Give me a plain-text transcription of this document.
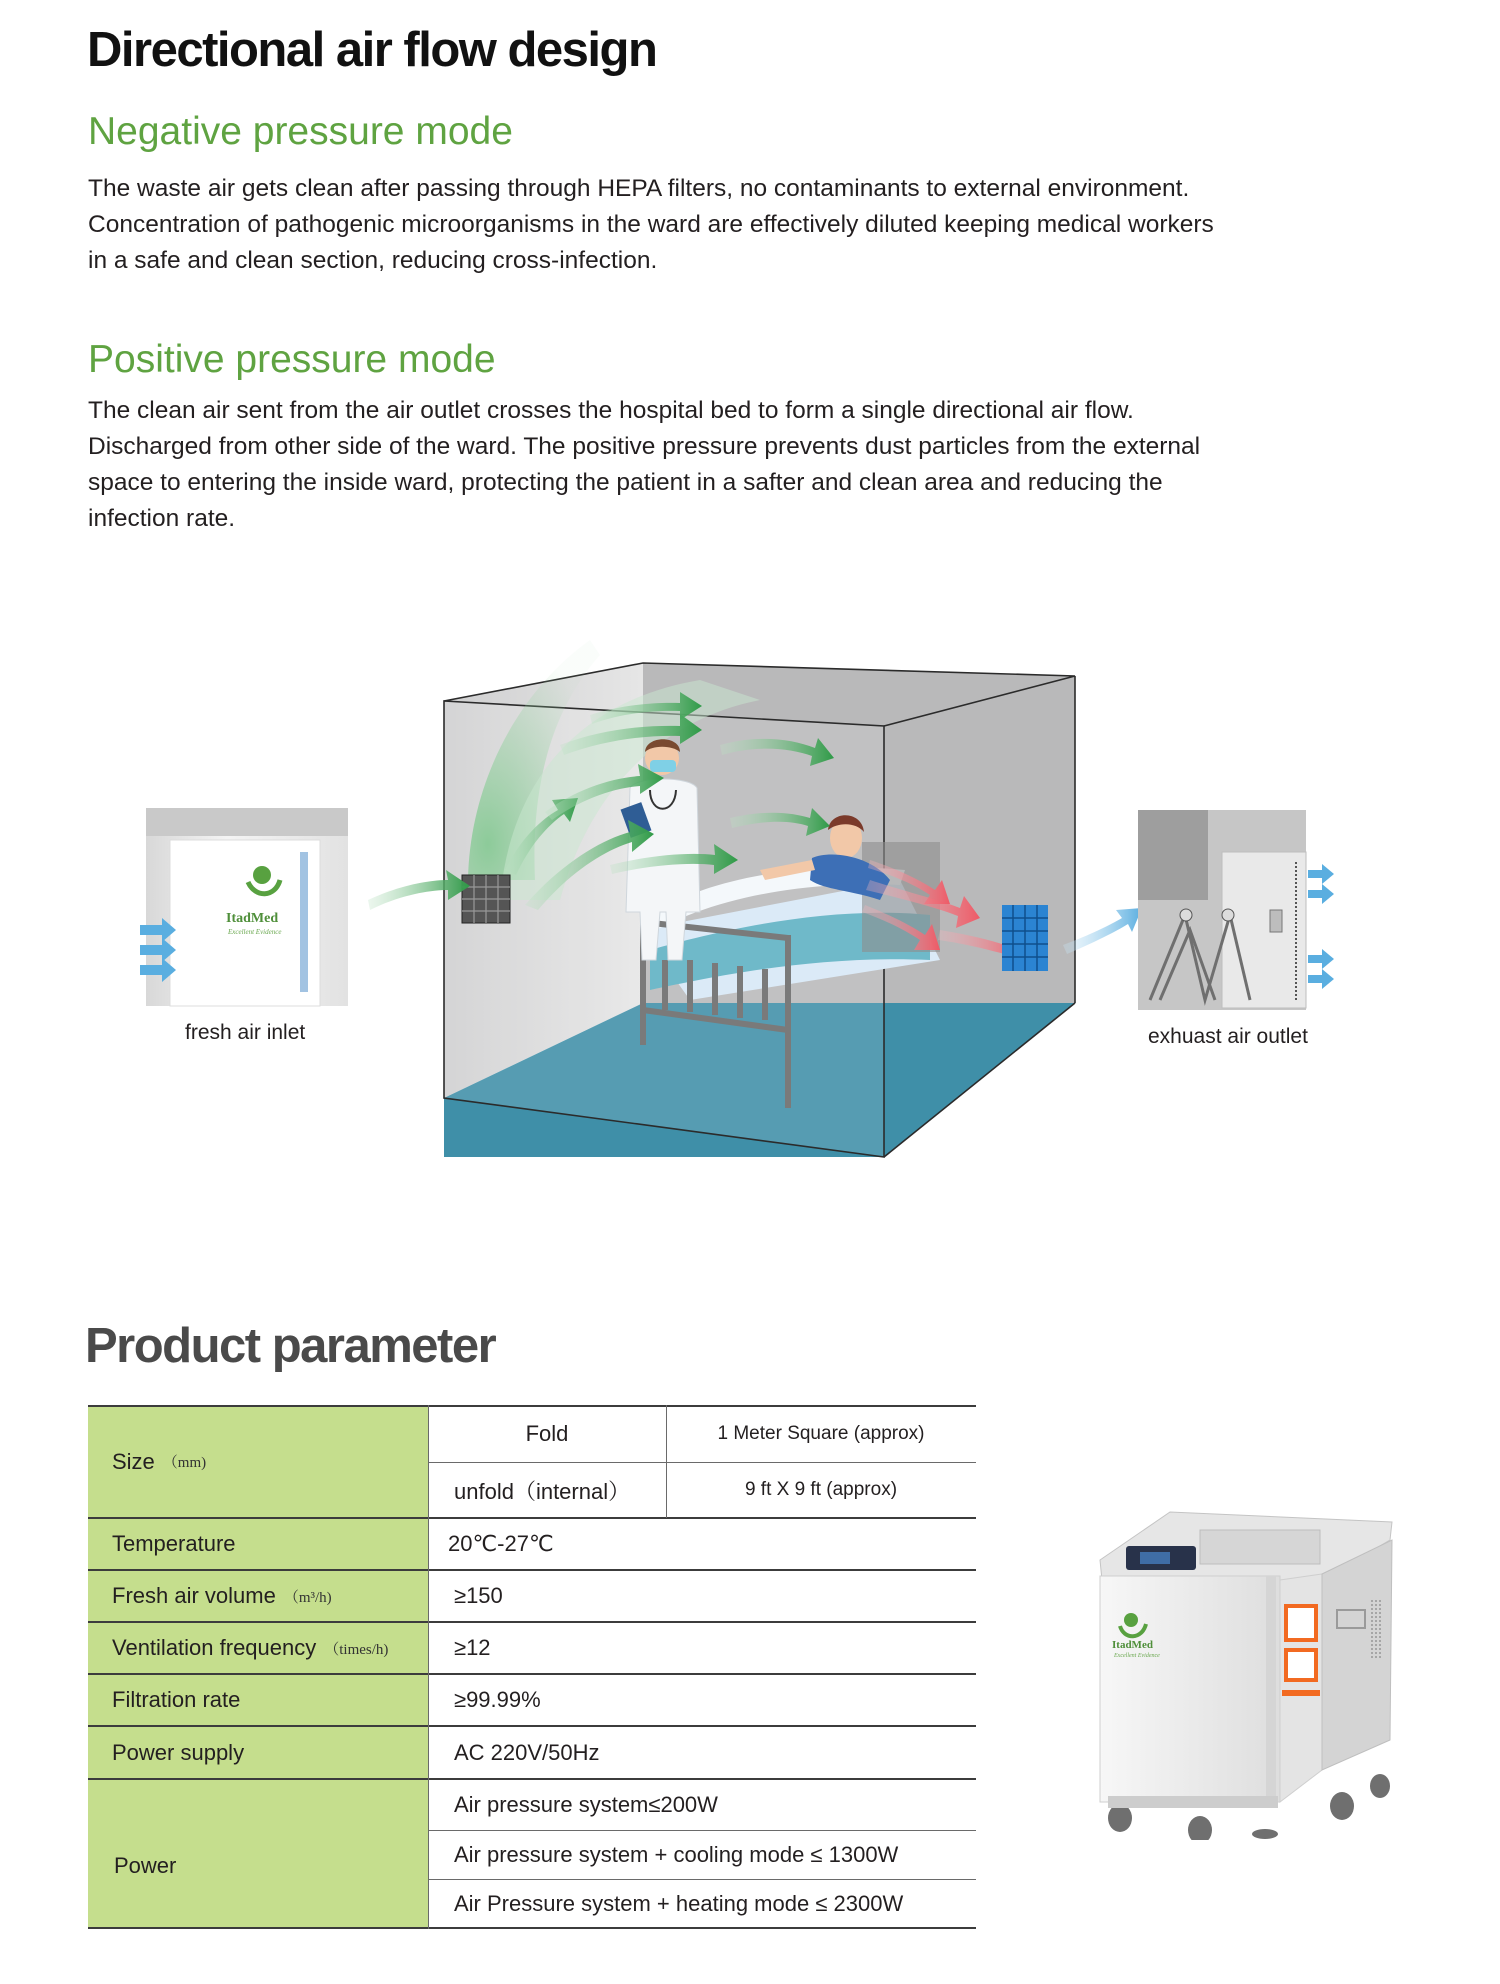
Directional air flow design
Negative pressure mode

The waste air gets clean after passing through HEPA filters, no contaminants to external environment.
Concentration of pathogenic microorganisms in the ward are effectively diluted keeping medical workers
in a safe and clean section, reducing cross-infection.

Positive pressure mode

The clean air sent from the air outlet crosses the hospital bed to form a single directional air flow.
Discharged from other side of the ward. The positive pressure prevents dust particles from the external
space to entering the inside ward, protecting the patient in a safter and clean area and reducing the
infection rate.

ItadMed
Excellent Evidence
fresh air inlet	exhuast air outlet
Product parameter
Size （mm)
Fold	1 Meter Square (approx)
unfold（internal）	9 ft X 9 ft (approx)
Temperature	20℃-27℃
Fresh air volume （m³/h)	≥150
Ventilation frequency （times/h)	≥12
Filtration rate	≥99.99%
Power supply	AC 220V/50Hz
Power
Air pressure system≤200W
Air pressure system + cooling mode ≤ 1300W
Air Pressure system + heating mode ≤ 2300W
ItadMed
Excellent Evidence
